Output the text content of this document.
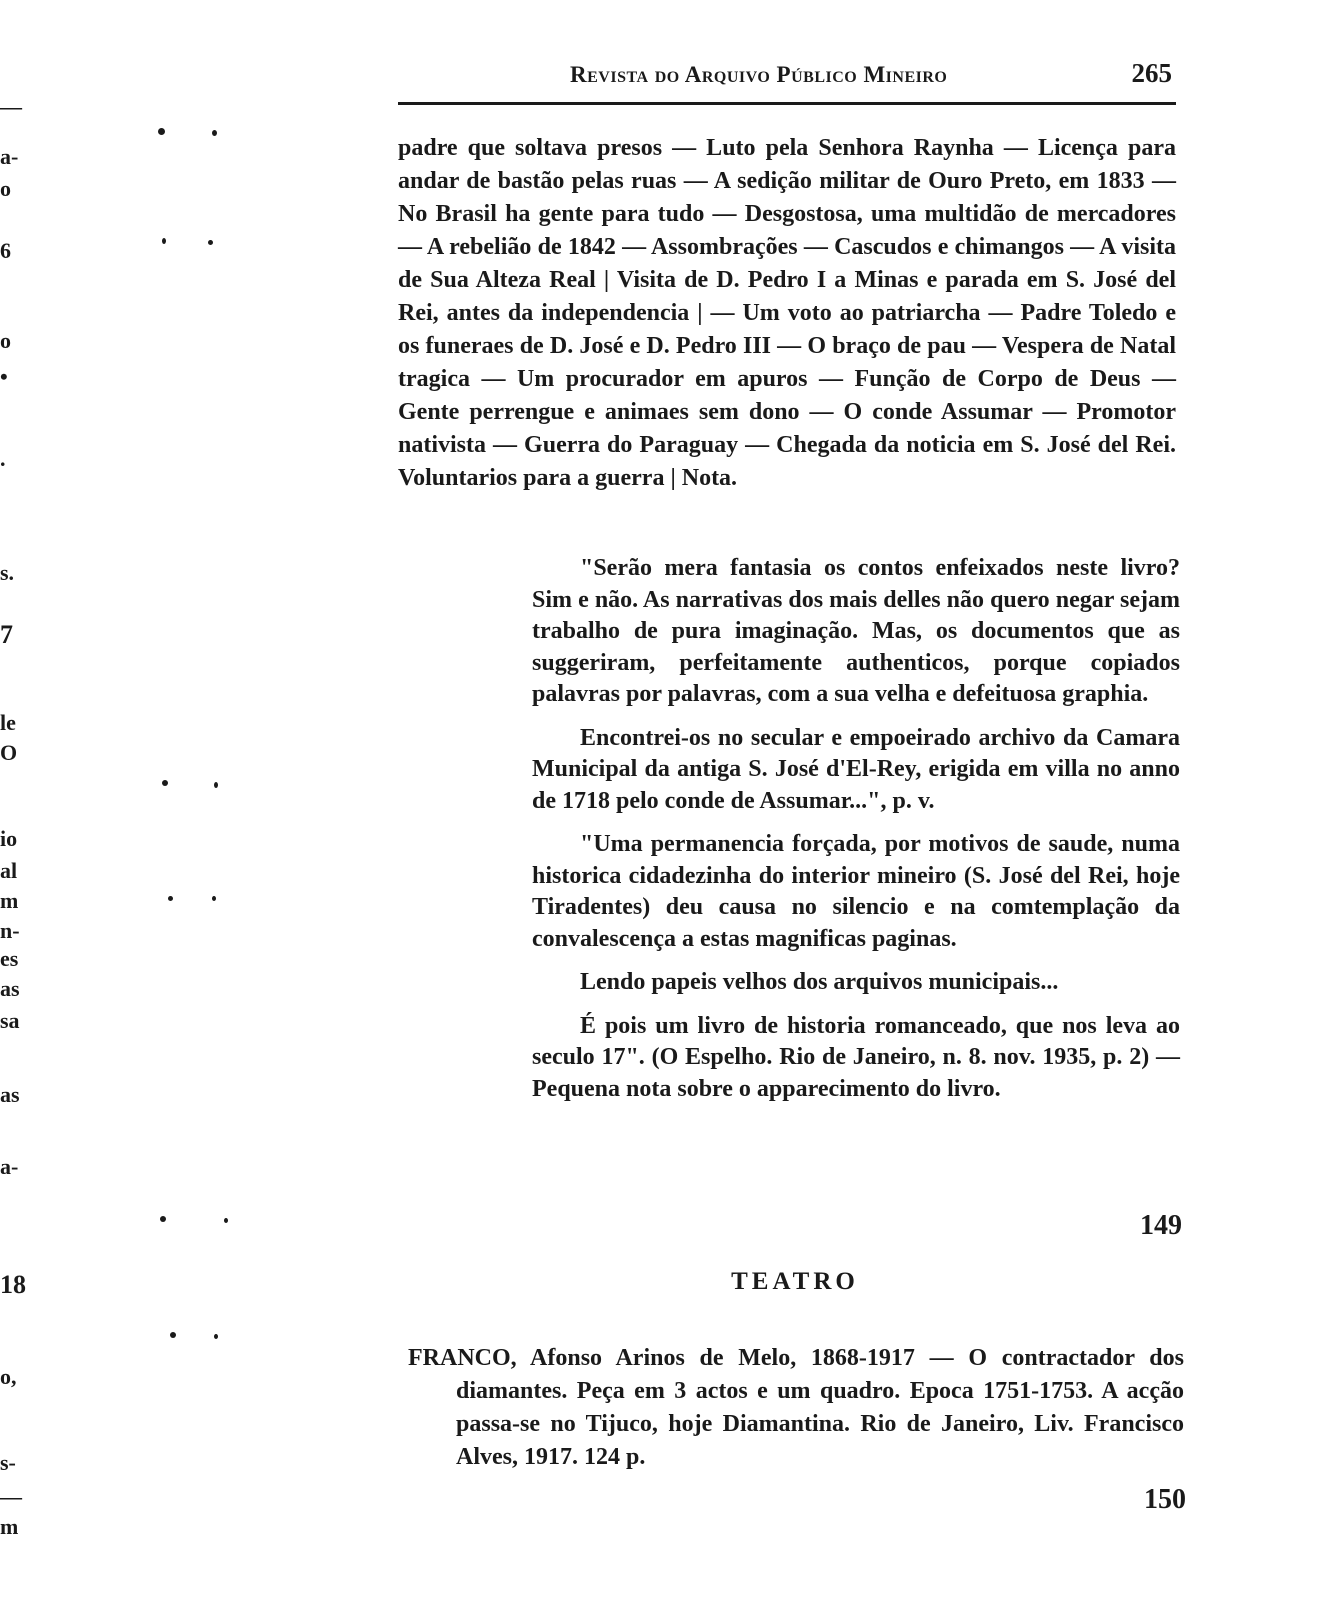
—
a-
o
6
o
•
.
s.
7
le
O
io
al
m
n-
es
as
sa
as
a-
18
o,
s-
—
m
Revista do Arquivo Público Mineiro	265
padre que soltava presos — Luto pela Senhora Raynha — Licença para andar de bastão pelas ruas — A sedição militar de Ouro Preto, em 1833 — No Brasil ha gente para tudo — Desgostosa, uma multidão de mercadores — A rebelião de 1842 — Assombrações — Cascudos e chimangos — A visita de Sua Alteza Real | Visita de D. Pedro I a Minas e parada em S. José del Rei, antes da independencia | — Um voto ao patriarcha — Padre Toledo e os funeraes de D. José e D. Pedro III — O braço de pau — Vespera de Natal tragica — Um procurador em apuros — Função de Corpo de Deus — Gente perrengue e animaes sem dono — O conde Assumar — Promotor nativista — Guerra do Paraguay — Chegada da noticia em S. José del Rei. Voluntarios para a guerra | Nota.

"Serão mera fantasia os contos enfeixados neste livro? Sim e não. As narrativas dos mais delles não quero negar sejam trabalho de pura imaginação. Mas, os documentos que as suggeriram, perfeitamente authenticos, porque copiados palavras por palavras, com a sua velha e defeituosa graphia.

Encontrei-os no secular e empoeirado archivo da Camara Municipal da antiga S. José d'El-Rey, erigida em villa no anno de 1718 pelo conde de Assumar...", p. v.

"Uma permanencia forçada, por motivos de saude, numa historica cidadezinha do interior mineiro (S. José del Rei, hoje Tiradentes) deu causa no silencio e na comtemplação da convalescença a estas magnificas paginas.

Lendo papeis velhos dos arquivos municipais...

É pois um livro de historia romanceado, que nos leva ao seculo 17". (O Espelho. Rio de Janeiro, n. 8. nov. 1935, p. 2) — Pequena nota sobre o apparecimento do livro.

149
TEATRO
FRANCO, Afonso Arinos de Melo, 1868-1917 — O contractador dos diamantes. Peça em 3 actos e um quadro. Epoca 1751-1753. A acção passa-se no Tijuco, hoje Diamantina. Rio de Janeiro, Liv. Francisco Alves, 1917. 124 p.
150
